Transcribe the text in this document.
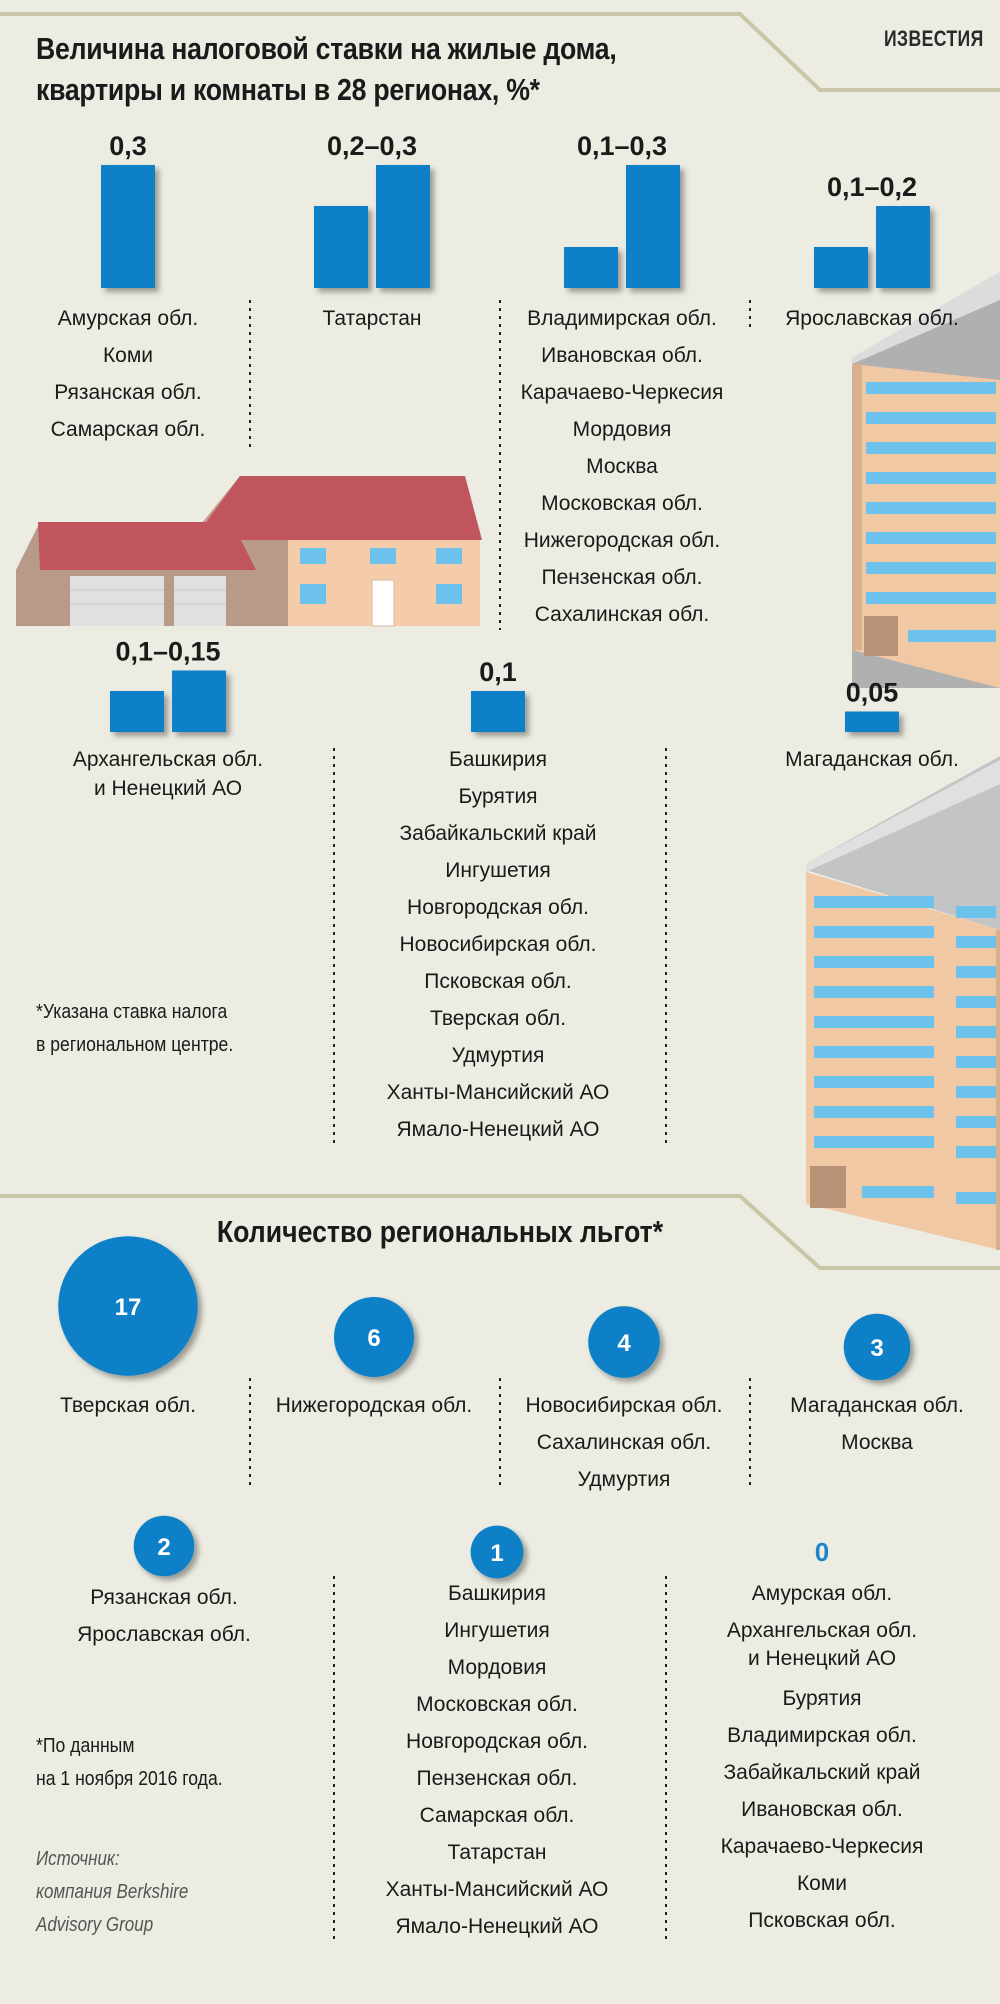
0,3
Амурская обл.
Коми
Рязанская обл.
Самарская обл.
0,2–0,3
Татарстан
0,1–0,3
Владимирская обл.
Ивановская обл.
Карачаево-Черкесия
Мордовия
Москва
Московская обл.
Нижегородская обл.
Пензенская обл.
Сахалинская обл.
0,1–0,2
Ярославская обл.
0,1–0,15
Архангельская обл.
и Ненецкий АО
0,1
Башкирия
Бурятия
Забайкальский край
Ингушетия
Новгородская обл.
Новосибирская обл.
Псковская обл.
Тверская обл.
Удмуртия
Ханты-Мансийский АО
Ямало-Ненецкий АО
0,05
Магаданская обл.
17
Тверская обл.
6
Нижегородская обл.
4
Новосибирская обл.
Сахалинская обл.
Удмуртия
3
Магаданская обл.
Москва
2
Рязанская обл.
Ярославская обл.
1
Башкирия
Ингушетия
Мордовия
Московская обл.
Новгородская обл.
Пензенская обл.
Самарская обл.
Татарстан
Ханты-Мансийский АО
Ямало-Ненецкий АО
0
Амурская обл.
Архангельская обл.
и Ненецкий АО
Бурятия
Владимирская обл.
Забайкальский край
Ивановская обл.
Карачаево-Черкесия
Коми
Псковская обл.
Величина налоговой ставки на жилые дома,
квартиры и комнаты в 28 регионах, %*
ИЗВЕСТИЯ
Количество региональных льгот*
*Указана ставка налога
в региональном центре.
*По данным
на 1 ноября 2016 года.
Источник:
компания Berkshire
Advisory Group
